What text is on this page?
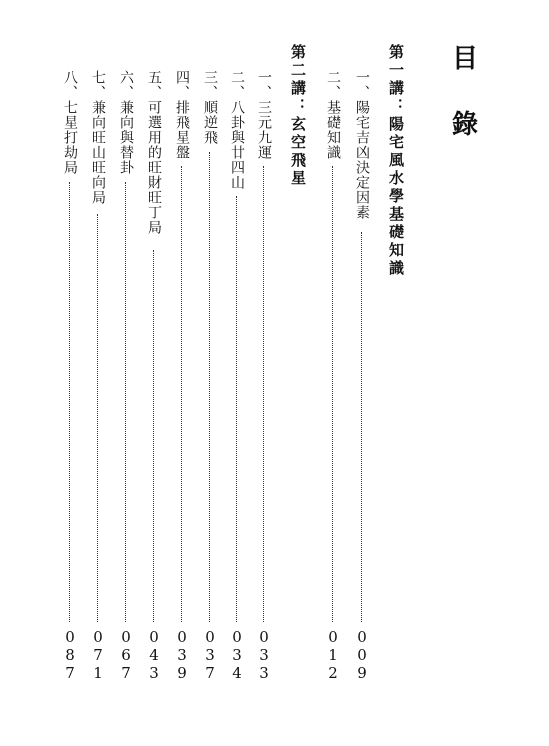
目
錄
第一講：陽宅風水學基礎知識
一、陽宅吉凶決定因素
009
二、基礎知識
012
第二講：玄空飛星
一、三元九運
033
二、八卦與廿四山
034
三、順逆飛
037
四、排飛星盤
039
五、可選用的旺財旺丁局
043
六、兼向與替卦
067
七、兼向旺山旺向局
071
八、七星打劫局
087
